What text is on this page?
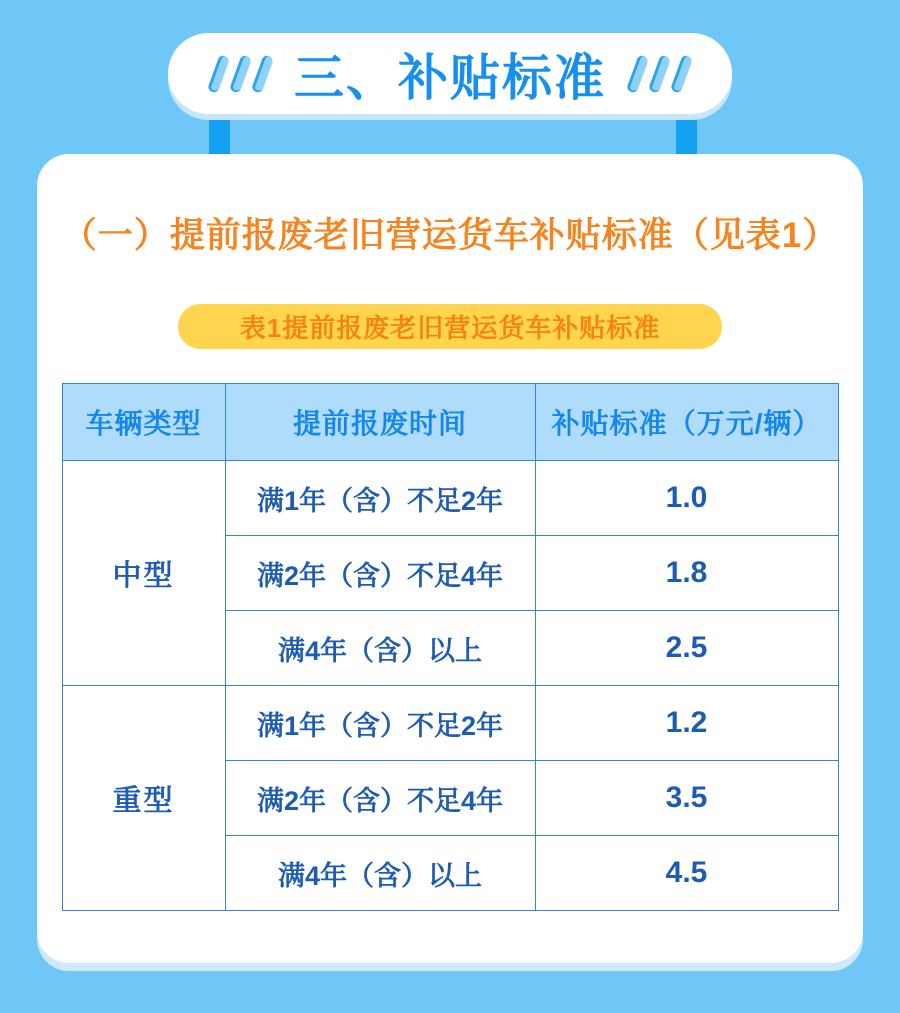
三、补贴标准
（一）提前报废老旧营运货车补贴标准（见表1）
表1提前报废老旧营运货车补贴标准
车辆类型	提前报废时间	补贴标准（万元/辆）
中型	满1年（含）不足2年	1.0
	满2年（含）不足4年	1.8
	满4年（含）以上	2.5
重型	满1年（含）不足2年	1.2
	满2年（含）不足4年	3.5
	满4年（含）以上	4.5
